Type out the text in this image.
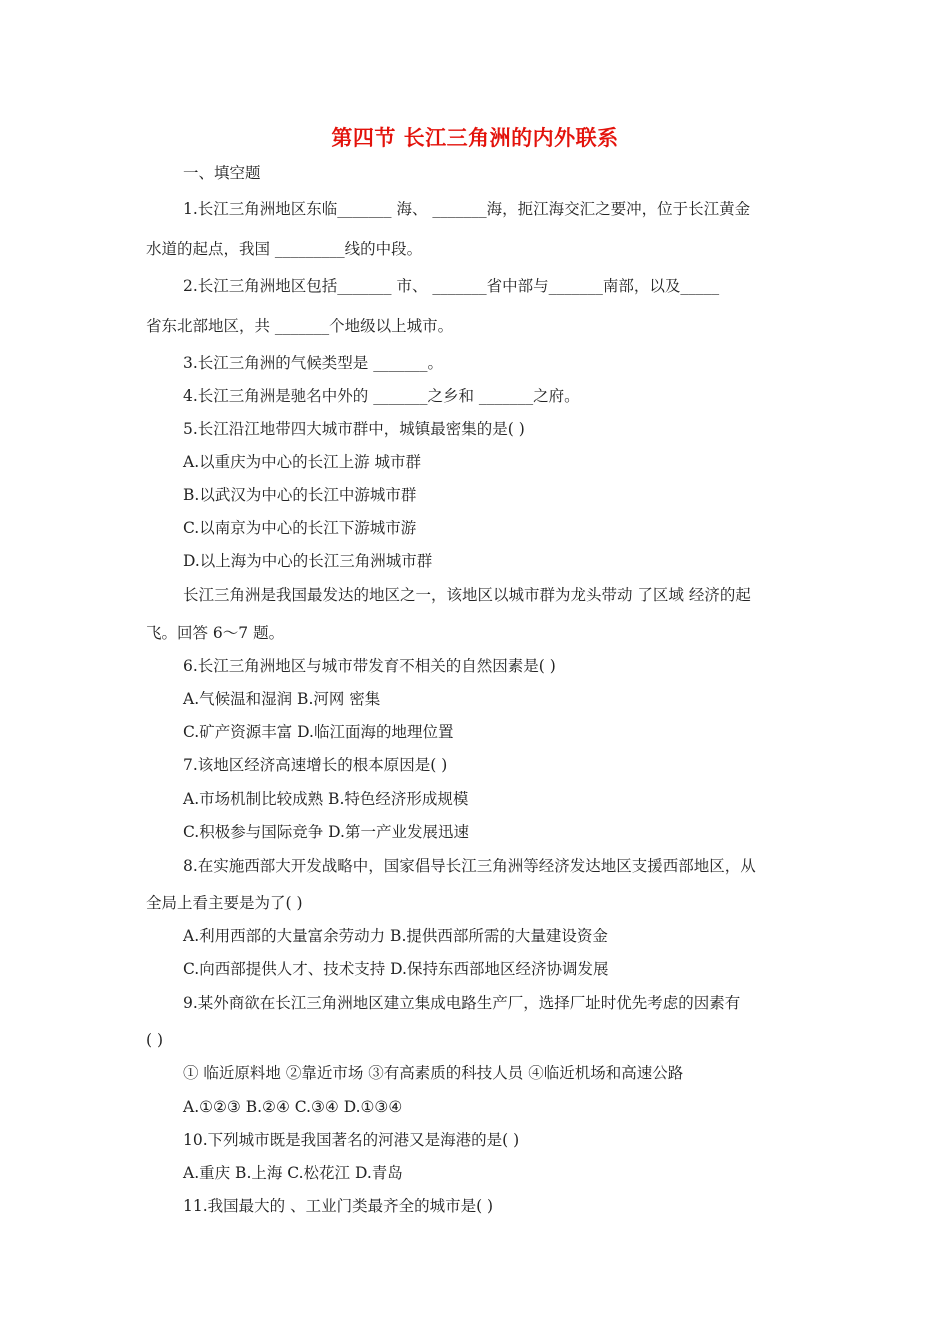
第四节 长江三角洲的内外联系
一、填空题
1.长江三角洲地区东临_______ 海、 _______海，扼江海交汇之要冲，位于长江黄金
水道的起点，我国 _________线的中段。
2.长江三角洲地区包括_______ 市、 _______省中部与_______南部，以及_____
省东北部地区，共 _______个地级以上城市。
3.长江三角洲的气候类型是 _______。
4.长江三角洲是驰名中外的 _______之乡和 _______之府。
5.长江沿江地带四大城市群中，城镇最密集的是( )
A.以重庆为中心的长江上游 城市群
B.以武汉为中心的长江中游城市群
C.以南京为中心的长江下游城市游
D.以上海为中心的长江三角洲城市群
长江三角洲是我国最发达的地区之一，该地区以城市群为龙头带动 了区域 经济的起
飞。回答 6～7 题。
6.长江三角洲地区与城市带发育不相关的自然因素是( )
A.气候温和湿润 B.河网 密集
C.矿产资源丰富 D.临江面海的地理位置
7.该地区经济高速增长的根本原因是( )
A.市场机制比较成熟 B.特色经济形成规模
C.积极参与国际竞争 D.第一产业发展迅速
8.在实施西部大开发战略中，国家倡导长江三角洲等经济发达地区支援西部地区，从
全局上看主要是为了( )
A.利用西部的大量富余劳动力 B.提供西部所需的大量建设资金
C.向西部提供人才、技术支持 D.保持东西部地区经济协调发展
9.某外商欲在长江三角洲地区建立集成电路生产厂，选择厂址时优先考虑的因素有
( )
① 临近原料地 ②靠近市场 ③有高素质的科技人员 ④临近机场和高速公路
A.①②③ B.②④ C.③④ D.①③④
10.下列城市既是我国著名的河港又是海港的是( )
A.重庆 B.上海 C.松花江 D.青岛
11.我国最大的 、工业门类最齐全的城市是( )
